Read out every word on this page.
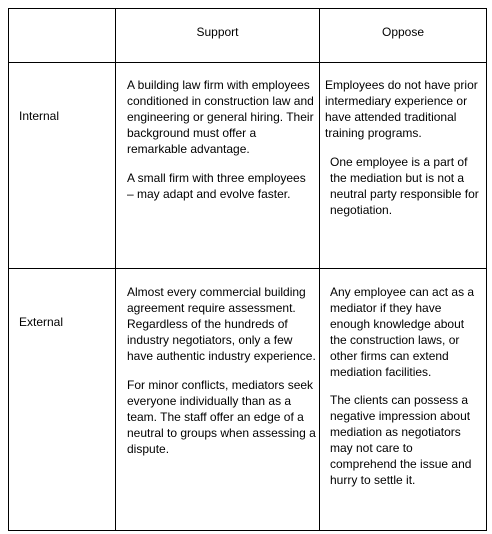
Support	Oppose
Internal

A building law firm with employees conditioned in construction law and engineering or general hiring. Their background must offer a remarkable advantage.

A small firm with three employees – may adapt and evolve faster.

Employees do not have prior intermediary experience or have attended traditional training programs.

One employee is a part of the mediation but is not a neutral party responsible for negotiation.

External

Almost every commercial building agreement require assessment. Regardless of the hundreds of industry negotiators, only a few have authentic industry experience.

For minor conflicts, mediators seek everyone individually than as a team. The staff offer an edge of a neutral to groups when assessing a dispute.

Any employee can act as a mediator if they have enough knowledge about the construction laws, or other firms can extend mediation facilities.

The clients can possess a negative impression about mediation as negotiators may not care to comprehend the issue and hurry to settle it.
